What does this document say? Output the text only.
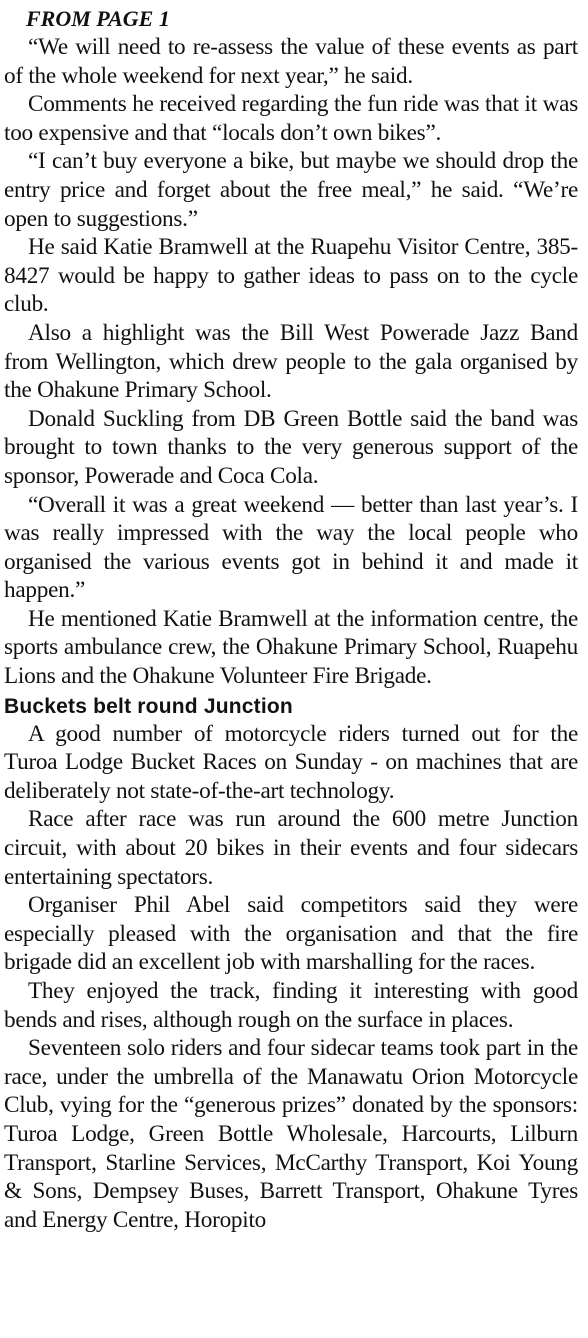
FROM PAGE 1

“We will need to re-assess the value of these events as part of the whole weekend for next year,” he said.

Comments he received regarding the fun ride was that it was too expensive and that “locals don’t own bikes”.

“I can’t buy everyone a bike, but maybe we should drop the entry price and forget about the free meal,” he said. “We’re open to suggestions.”

He said Katie Bramwell at the Ruapehu Visitor Centre, 385-8427 would be happy to gather ideas to pass on to the cycle club.

Also a highlight was the Bill West Powerade Jazz Band from Wellington, which drew people to the gala organised by the Ohakune Primary School.

Donald Suckling from DB Green Bottle said the band was brought to town thanks to the very generous support of the sponsor, Powerade and Coca Cola.

“Overall it was a great weekend — better than last year’s. I was really impressed with the way the local people who organised the various events got in behind it and made it happen.”

He mentioned Katie Bramwell at the information centre, the sports ambulance crew, the Ohakune Primary School, Ruapehu Lions and the Ohakune Volunteer Fire Brigade.

Buckets belt round Junction

A good number of motorcycle riders turned out for the Turoa Lodge Bucket Races on Sunday - on machines that are deliberately not state-of-the-art technology.

Race after race was run around the 600 metre Junction circuit, with about 20 bikes in their events and four sidecars entertaining spectators.

Organiser Phil Abel said competitors said they were especially pleased with the organisation and that the fire brigade did an excellent job with marshalling for the races.

They enjoyed the track, finding it interesting with good bends and rises, although rough on the surface in places.

Seventeen solo riders and four sidecar teams took part in the race, under the umbrella of the Manawatu Orion Motorcycle Club, vying for the “generous prizes” donated by the sponsors: Turoa Lodge, Green Bottle Wholesale, Harcourts, Lilburn Transport, Starline Services, McCarthy Transport, Koi Young & Sons, Dempsey Buses, Barrett Transport, Ohakune Tyres and Energy Centre, Horopito
